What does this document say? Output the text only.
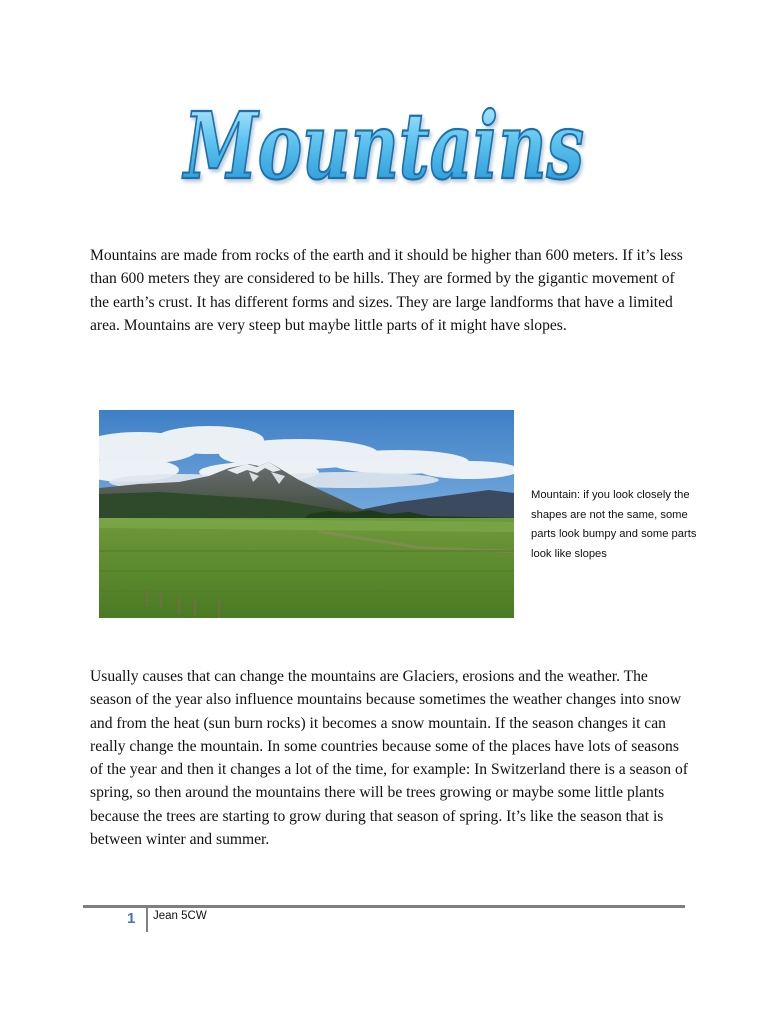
Mountains

Mountains are made from rocks of the earth and it should be higher than 600 meters. If it’s less than 600 meters they are considered to be hills. They are formed by the gigantic movement of the earth’s crust. It has different forms and sizes. They are large landforms that have a limited area. Mountains are very steep but maybe little parts of it might have slopes.

Mountain: if you look closely the shapes are not the same, some parts look bumpy and some parts look like slopes

Usually causes that can change the mountains are Glaciers, erosions and the weather. The season of the year also influence mountains because sometimes the weather changes into snow and from the heat (sun burn rocks) it becomes a snow mountain. If the season changes it can really change the mountain. In some countries because some of the places have lots of seasons of the year and then it changes a lot of the time, for example: In Switzerland there is a season of spring, so then around the mountains there will be trees growing or maybe some little plants because the trees are starting to grow during that season of spring. It’s like the season that is between winter and summer.

1 Jean 5CW
